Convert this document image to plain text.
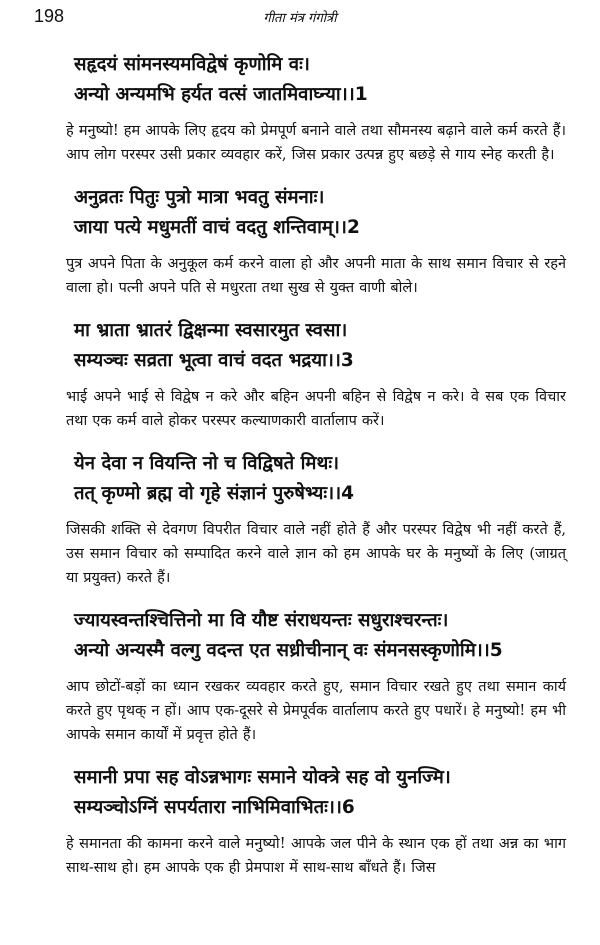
198	गीता मंत्र गंगोत्री
सहृदयं सांमनस्यमविद्वेषं कृणोमि वः।
अन्यो अन्यमभि हर्यत वत्सं जातमिवाघ्न्या।।1

हे मनुष्यो! हम आपके लिए हृदय को प्रेमपूर्ण बनाने वाले तथा सौमनस्य बढ़ाने वाले कर्म करते हैं। आप लोग परस्पर उसी प्रकार व्यवहार करें, जिस प्रकार उत्पन्न हुए बछड़े से गाय स्नेह करती है।

अनुव्रतः पितुः पुत्रो मात्रा भवतु संमनाः।
जाया पत्ये मधुमतीं वाचं वदतु शन्तिवाम्।।2

पुत्र अपने पिता के अनुकूल कर्म करने वाला हो और अपनी माता के साथ समान विचार से रहने वाला हो। पत्नी अपने पति से मधुरता तथा सुख से युक्त वाणी बोले।

मा भ्राता भ्रातरं द्विक्षन्मा स्वसारमुत स्वसा।
सम्यञ्चः सव्रता भूत्वा वाचं वदत भद्रया।।3

भाई अपने भाई से विद्वेष न करे और बहिन अपनी बहिन से विद्वेष न करे। वे सब एक विचार तथा एक कर्म वाले होकर परस्पर कल्याणकारी वार्तालाप करें।

येन देवा न वियन्ति नो च विद्विषते मिथः।
तत् कृण्मो ब्रह्म वो गृहे संज्ञानं पुरुषेभ्यः।।4

जिसकी शक्ति से देवगण विपरीत विचार वाले नहीं होते हैं और परस्पर विद्वेष भी नहीं करते हैं, उस समान विचार को सम्पादित करने वाले ज्ञान को हम आपके घर के मनुष्यों के लिए (जाग्रत् या प्रयुक्त) करते हैं।

ज्यायस्वन्तश्चित्तिनो मा वि यौष्ट संराधयन्तः सधुराश्चरन्तः।
अन्यो अन्यस्मै वल्गु वदन्त एत सध्रीचीनान् वः संमनसस्कृणोमि।।5

आप छोटों-बड़ों का ध्यान रखकर व्यवहार करते हुए, समान विचार रखते हुए तथा समान कार्य करते हुए पृथक् न हों। आप एक-दूसरे से प्रेमपूर्वक वार्तालाप करते हुए पधारें। हे मनुष्यो! हम भी आपके समान कार्यों में प्रवृत्त होते हैं।

समानी प्रपा सह वोऽन्नभागः समाने योक्त्रे सह वो युनज्मि।
सम्यञ्चोऽग्निं सपर्यतारा नाभिमिवाभितः।।6

हे समानता की कामना करने वाले मनुष्यो! आपके जल पीने के स्थान एक हों तथा अन्न का भाग साथ-साथ हो। हम आपके एक ही प्रेमपाश में साथ-साथ बाँधते हैं। जिस
